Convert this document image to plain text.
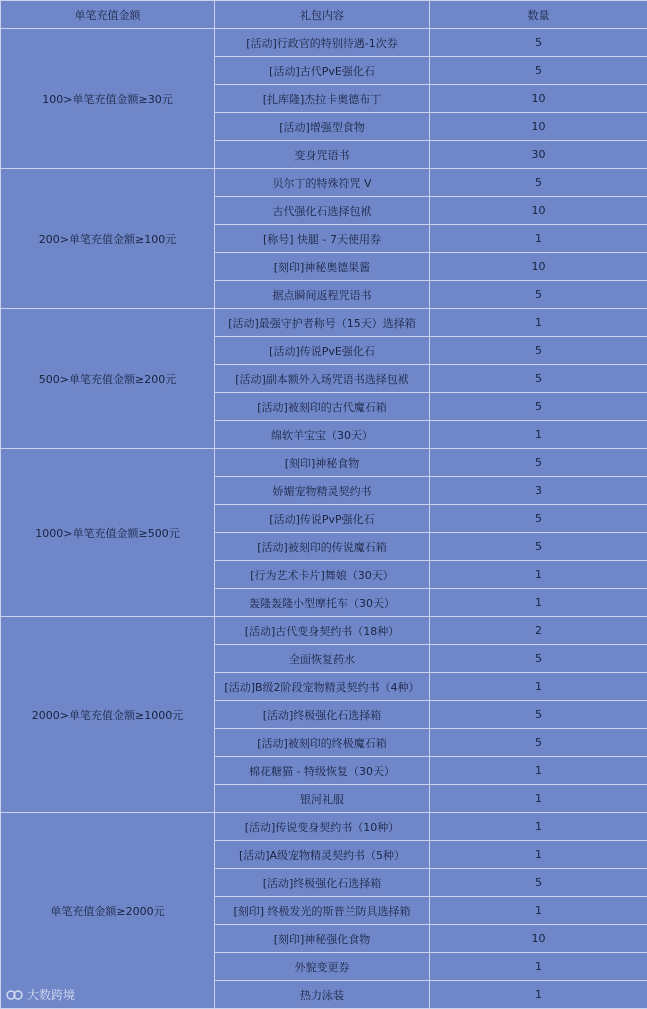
单笔充值金额	礼包内容	数量
100>单笔充值金额≥30元	[活动]行政官的特别待遇-1次券	5
	[活动]古代PvE强化石	5
	[扎库隆]杰拉卡奥德布丁	10
	[活动]增强型食物	10
	变身咒语书	30
200>单笔充值金额≥100元	贝尔丁的特殊符咒 V	5
	古代强化石选择包袱	10
	[称号] 快腿 - 7天使用券	1
	[刻印]神秘奥德果酱	10
	据点瞬间返程咒语书	5
500>单笔充值金额≥200元	[活动]最强守护者称号（15天）选择箱	1
	[活动]传说PvE强化石	5
	[活动]副本额外入场咒语书选择包袱	5
	[活动]被刻印的古代魔石箱	5
	绵软羊宝宝（30天）	1
1000>单笔充值金额≥500元	[刻印]神秘食物	5
	娇媚宠物精灵契约书	3
	[活动]传说PvP强化石	5
	[活动]被刻印的传说魔石箱	5
	[行为艺术卡片]舞娘（30天）	1
	轰隆轰隆小型摩托车（30天）	1
2000>单笔充值金额≥1000元	[活动]古代变身契约书（18种）	2
	全面恢复药水	5
	[活动]B级2阶段宠物精灵契约书（4种）	1
	[活动]终极强化石选择箱	5
	[活动]被刻印的终极魔石箱	5
	棉花糖猫 - 特级恢复（30天）	1
	银河礼服	1
单笔充值金额≥2000元	[活动]传说变身契约书（10种）	1
	[活动]A级宠物精灵契约书（5种）	1
	[活动]终极强化石选择箱	5
	[刻印] 终极发光的斯普兰防具选择箱	1
	[刻印]神秘强化食物	10
	外貌变更券	1
	热力泳装	1
大数跨境
